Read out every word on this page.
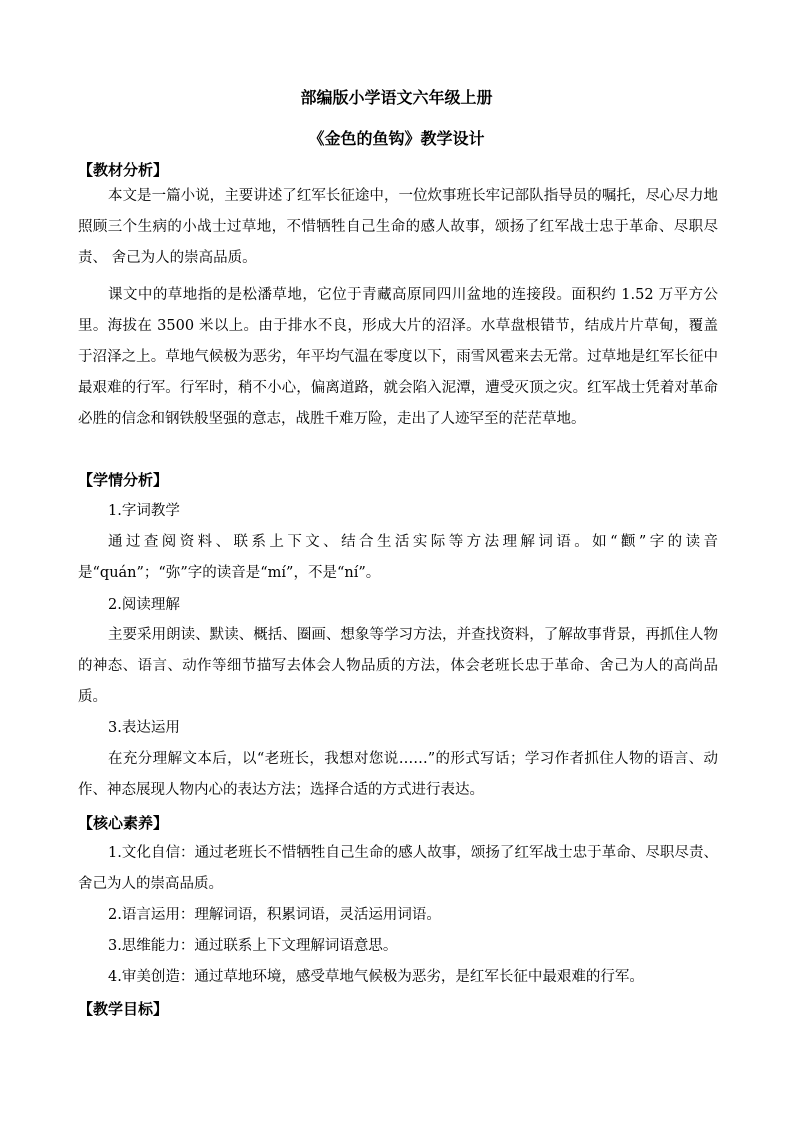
部编版小学语文六年级上册
《金色的鱼钩》教学设计
【教材分析】
本文是一篇小说，主要讲述了红军长征途中，一位炊事班长牢记部队指导员的嘱托，尽心尽力地照顾三个生病的小战士过草地，不惜牺牲自己生命的感人故事，颂扬了红军战士忠于革命、尽职尽责、 舍己为人的崇高品质。
课文中的草地指的是松潘草地，它位于青藏高原同四川盆地的连接段。面积约 1.52 万平方公里。海拔在 3500 米以上。由于排水不良，形成大片的沼泽。水草盘根错节，结成片片草甸，覆盖于沼泽之上。草地气候极为恶劣，年平均气温在零度以下，雨雪风雹来去无常。过草地是红军长征中最艰难的行军。行军时，稍不小心，偏离道路，就会陷入泥潭，遭受灭顶之灾。红军战士凭着对革命必胜的信念和钢铁般坚强的意志，战胜千难万险，走出了人迹罕至的茫茫草地。
【学情分析】
1.字词教学
通过查阅资料、联系上下文、结合生活实际等方法理解词语。如“颧”字的读音是“quán”；“弥”字的读音是“mí”，不是“ní”。
2.阅读理解
主要采用朗读、默读、概括、圈画、想象等学习方法，并查找资料，了解故事背景，再抓住人物的神态、语言、动作等细节描写去体会人物品质的方法，体会老班长忠于革命、舍己为人的高尚品质。
3.表达运用
在充分理解文本后，以“老班长，我想对您说……”的形式写话；学习作者抓住人物的语言、动作、神态展现人物内心的表达方法；选择合适的方式进行表达。
【核心素养】
1.文化自信：通过老班长不惜牺牲自己生命的感人故事，颂扬了红军战士忠于革命、尽职尽责、 舍己为人的崇高品质。
2.语言运用：理解词语，积累词语，灵活运用词语。
3.思维能力：通过联系上下文理解词语意思。
4.审美创造：通过草地环境，感受草地气候极为恶劣，是红军长征中最艰难的行军。
【教学目标】
